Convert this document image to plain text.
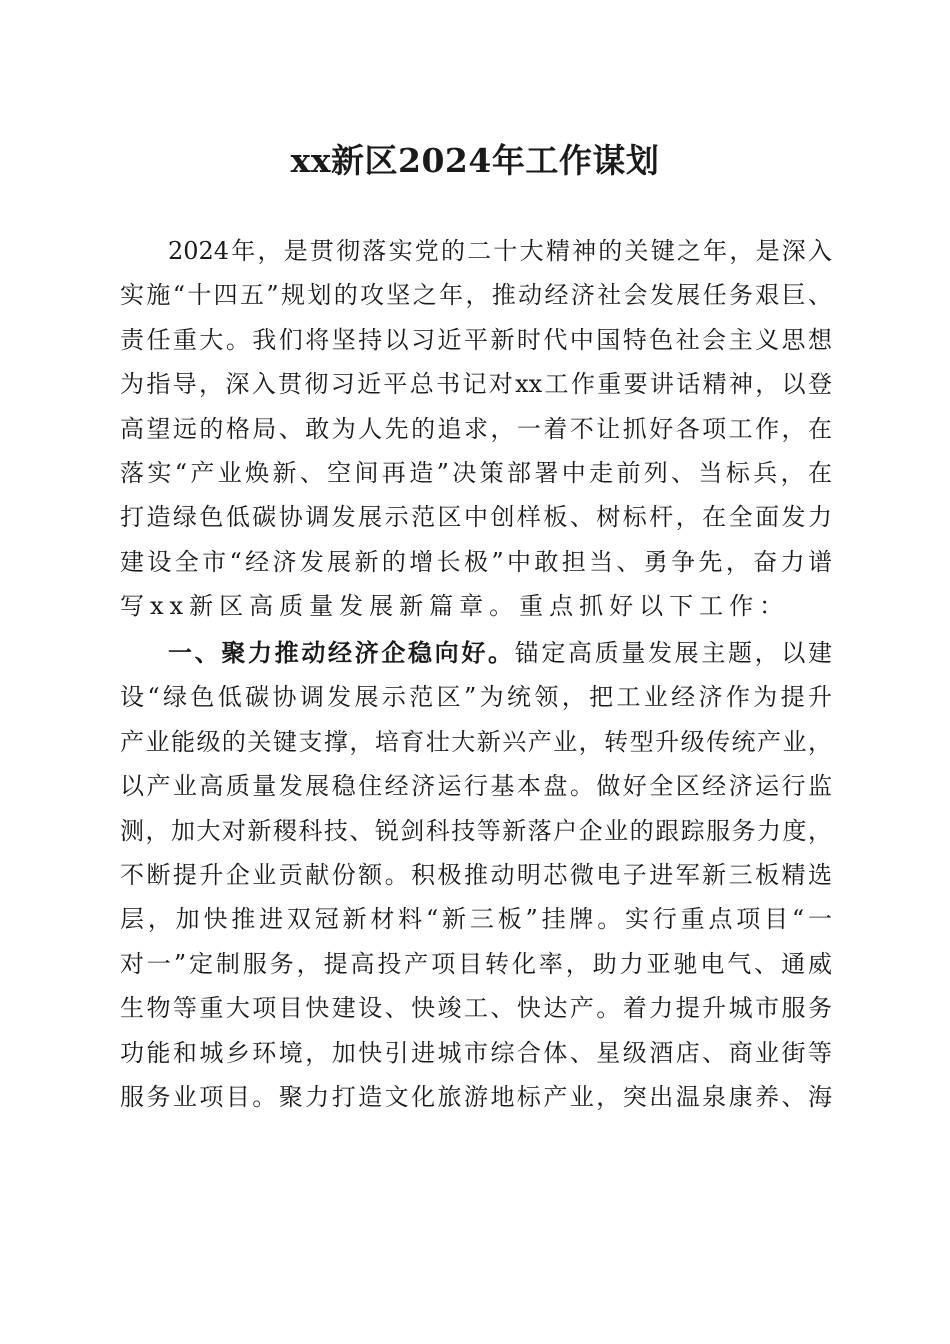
xx新区2024年工作谋划

2024年，是贯彻落实党的二十大精神的关键之年，是深入

实施“十四五”规划的攻坚之年，推动经济社会发展任务艰巨、

责任重大。我们将坚持以习近平新时代中国特色社会主义思想

为指导，深入贯彻习近平总书记对xx工作重要讲话精神，以登

高望远的格局、敢为人先的追求，一着不让抓好各项工作，在

落实“产业焕新、空间再造”决策部署中走前列、当标兵，在

打造绿色低碳协调发展示范区中创样板、树标杆，在全面发力

建设全市“经济发展新的增长极”中敢担当、勇争先，奋力谱

写xx新区高质量发展新篇章。重点抓好以下工作：

一、聚力推动经济企稳向好。锚定高质量发展主题，以建

设“绿色低碳协调发展示范区”为统领，把工业经济作为提升

产业能级的关键支撑，培育壮大新兴产业，转型升级传统产业，

以产业高质量发展稳住经济运行基本盘。做好全区经济运行监

测，加大对新稷科技、锐剑科技等新落户企业的跟踪服务力度，

不断提升企业贡献份额。积极推动明芯微电子进军新三板精选

层，加快推进双冠新材料“新三板”挂牌。实行重点项目“一

对一”定制服务，提高投产项目转化率，助力亚驰电气、通威

生物等重大项目快建设、快竣工、快达产。着力提升城市服务

功能和城乡环境，加快引进城市综合体、星级酒店、商业街等

服务业项目。聚力打造文化旅游地标产业，突出温泉康养、海
